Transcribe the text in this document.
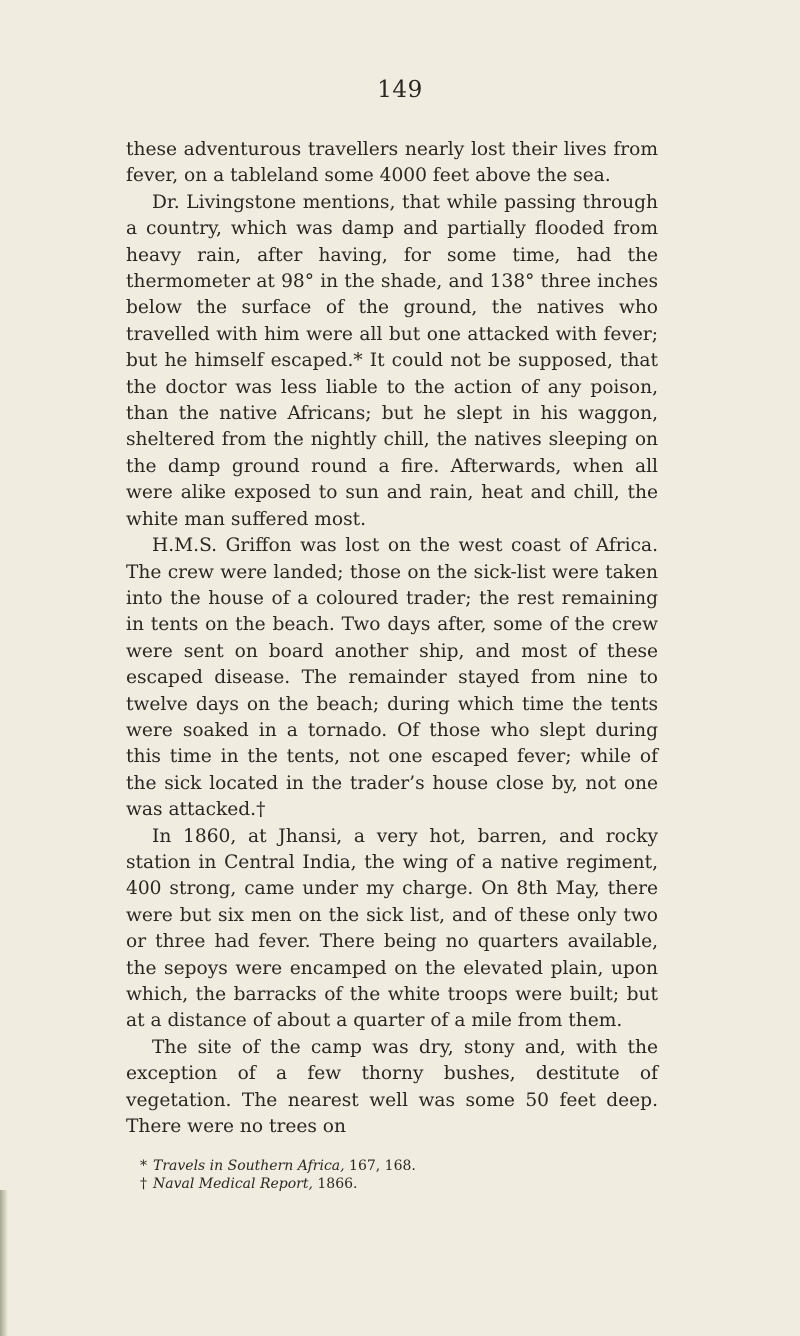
149

these adventurous travellers nearly lost their lives from fever, on a tableland some 4000 feet above the sea.

Dr. Livingstone mentions, that while passing through a country, which was damp and partially flooded from heavy rain, after having, for some time, had the thermometer at 98° in the shade, and 138° three inches below the surface of the ground, the natives who travelled with him were all but one attacked with fever; but he himself escaped.* It could not be supposed, that the doctor was less liable to the action of any poison, than the native Africans; but he slept in his waggon, sheltered from the nightly chill, the natives sleeping on the damp ground round a fire. Afterwards, when all were alike exposed to sun and rain, heat and chill, the white man suffered most.

H.M.S. Griffon was lost on the west coast of Africa. The crew were landed; those on the sick-list were taken into the house of a coloured trader; the rest remaining in tents on the beach. Two days after, some of the crew were sent on board another ship, and most of these escaped disease. The remainder stayed from nine to twelve days on the beach; during which time the tents were soaked in a tornado. Of those who slept during this time in the tents, not one escaped fever; while of the sick located in the trader’s house close by, not one was attacked.†

In 1860, at Jhansi, a very hot, barren, and rocky station in Central India, the wing of a native regiment, 400 strong, came under my charge. On 8th May, there were but six men on the sick list, and of these only two or three had fever. There being no quarters available, the sepoys were encamped on the elevated plain, upon which, the barracks of the white troops were built; but at a distance of about a quarter of a mile from them.

The site of the camp was dry, stony and, with the exception of a few thorny bushes, destitute of vegetation. The nearest well was some 50 feet deep. There were no trees on

* Travels in Southern Africa, 167, 168.
† Naval Medical Report, 1866.
